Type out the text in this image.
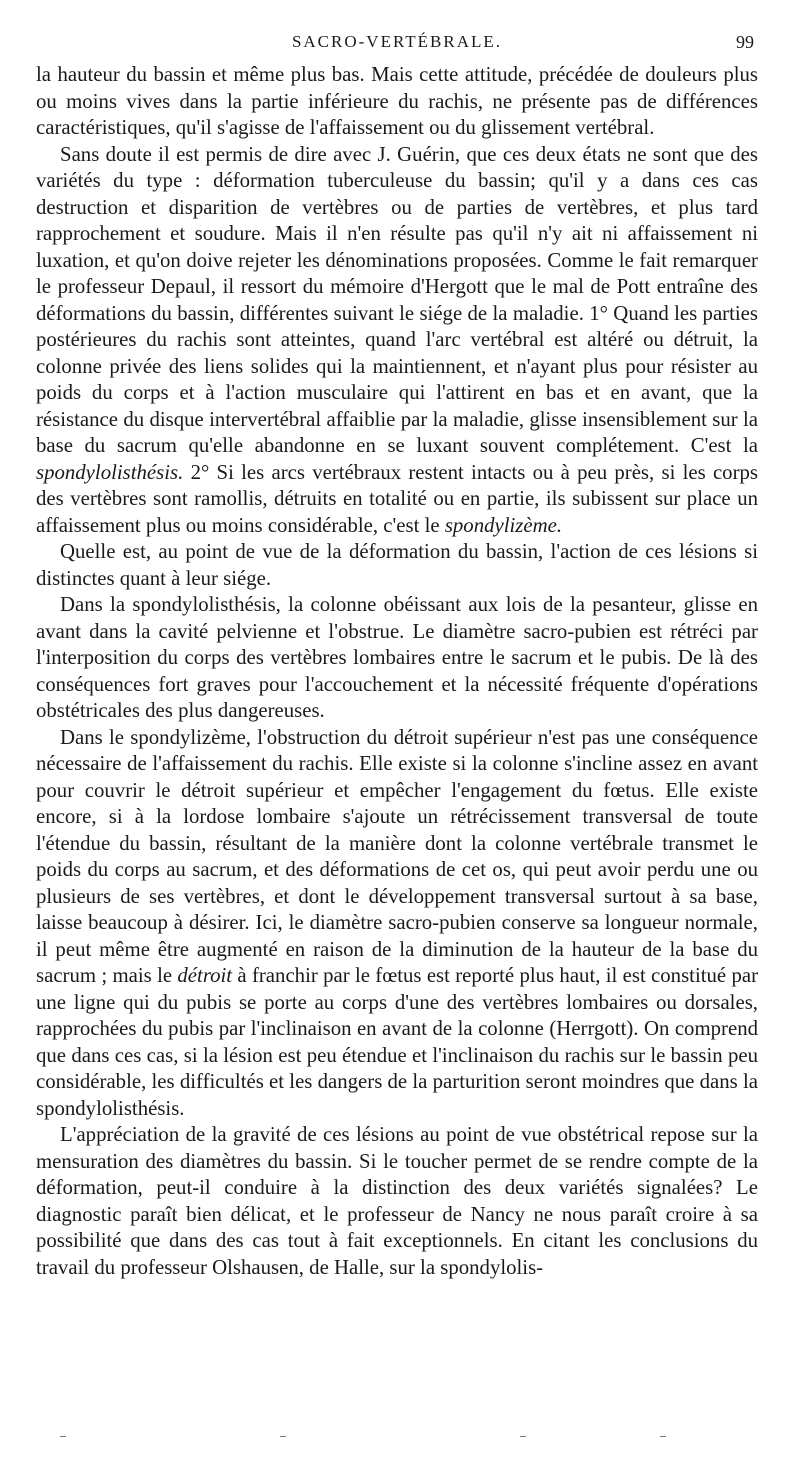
SACRO-VERTÉBRALE.	99

la hauteur du bassin et même plus bas. Mais cette attitude, précédée de douleurs plus ou moins vives dans la partie inférieure du rachis, ne présente pas de différences caractéristiques, qu'il s'agisse de l'affaissement ou du glissement vertébral.

Sans doute il est permis de dire avec J. Guérin, que ces deux états ne sont que des variétés du type : déformation tuberculeuse du bassin; qu'il y a dans ces cas destruction et disparition de vertèbres ou de parties de vertèbres, et plus tard rapprochement et soudure. Mais il n'en résulte pas qu'il n'y ait ni affaissement ni luxation, et qu'on doive rejeter les dénominations proposées. Comme le fait remarquer le professeur Depaul, il ressort du mémoire d'Hergott que le mal de Pott entraîne des déformations du bassin, différentes suivant le siége de la maladie. 1° Quand les parties postérieures du rachis sont atteintes, quand l'arc vertébral est altéré ou détruit, la colonne privée des liens solides qui la maintiennent, et n'ayant plus pour résister au poids du corps et à l'action musculaire qui l'attirent en bas et en avant, que la résistance du disque intervertébral affaiblie par la maladie, glisse insensiblement sur la base du sacrum qu'elle abandonne en se luxant souvent complétement. C'est la spondylolisthésis. 2° Si les arcs vertébraux restent intacts ou à peu près, si les corps des vertèbres sont ramollis, détruits en totalité ou en partie, ils subissent sur place un affaissement plus ou moins considérable, c'est le spondylizème.

Quelle est, au point de vue de la déformation du bassin, l'action de ces lésions si distinctes quant à leur siége.

Dans la spondylolisthésis, la colonne obéissant aux lois de la pesanteur, glisse en avant dans la cavité pelvienne et l'obstrue. Le diamètre sacro-pubien est rétréci par l'interposition du corps des vertèbres lombaires entre le sacrum et le pubis. De là des conséquences fort graves pour l'accouchement et la nécessité fréquente d'opérations obstétricales des plus dangereuses.

Dans le spondylizème, l'obstruction du détroit supérieur n'est pas une conséquence nécessaire de l'affaissement du rachis. Elle existe si la colonne s'incline assez en avant pour couvrir le détroit supérieur et empêcher l'engagement du fœtus. Elle existe encore, si à la lordose lombaire s'ajoute un rétrécissement transversal de toute l'étendue du bassin, résultant de la manière dont la colonne vertébrale transmet le poids du corps au sacrum, et des déformations de cet os, qui peut avoir perdu une ou plusieurs de ses vertèbres, et dont le développement transversal surtout à sa base, laisse beaucoup à désirer. Ici, le diamètre sacro-pubien conserve sa longueur normale, il peut même être augmenté en raison de la diminution de la hauteur de la base du sacrum ; mais le détroit à franchir par le fœtus est reporté plus haut, il est constitué par une ligne qui du pubis se porte au corps d'une des vertèbres lombaires ou dorsales, rapprochées du pubis par l'inclinaison en avant de la colonne (Herrgott). On comprend que dans ces cas, si la lésion est peu étendue et l'inclinaison du rachis sur le bassin peu considérable, les difficultés et les dangers de la parturition seront moindres que dans la spondylolisthésis.

L'appréciation de la gravité de ces lésions au point de vue obstétrical repose sur la mensuration des diamètres du bassin. Si le toucher permet de se rendre compte de la déformation, peut-il conduire à la distinction des deux variétés signalées? Le diagnostic paraît bien délicat, et le professeur de Nancy ne nous paraît croire à sa possibilité que dans des cas tout à fait exceptionnels. En citant les conclusions du travail du professeur Olshausen, de Halle, sur la spondylolis-
